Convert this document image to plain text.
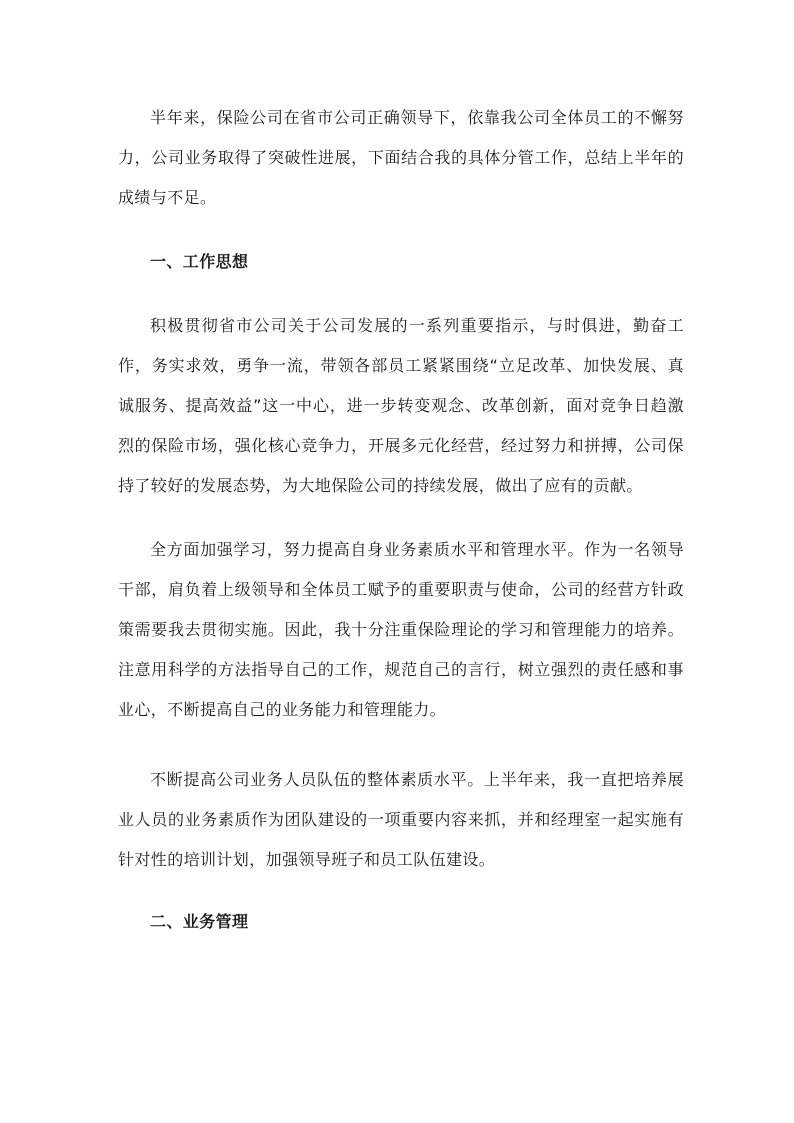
半年来，保险公司在省市公司正确领导下，依靠我公司全体员工的不懈努力，公司业务取得了突破性进展，下面结合我的具体分管工作，总结上半年的成绩与不足。

一、工作思想

积极贯彻省市公司关于公司发展的一系列重要指示，与时俱进，勤奋工作，务实求效，勇争一流，带领各部员工紧紧围绕“立足改革、加快发展、真诚服务、提高效益”这一中心，进一步转变观念、改革创新，面对竞争日趋激烈的保险市场，强化核心竞争力，开展多元化经营，经过努力和拼搏，公司保持了较好的发展态势，为大地保险公司的持续发展，做出了应有的贡献。

全方面加强学习，努力提高自身业务素质水平和管理水平。作为一名领导干部，肩负着上级领导和全体员工赋予的重要职责与使命，公司的经营方针政策需要我去贯彻实施。因此，我十分注重保险理论的学习和管理能力的培养。注意用科学的方法指导自己的工作，规范自己的言行，树立强烈的责任感和事业心，不断提高自己的业务能力和管理能力。

不断提高公司业务人员队伍的整体素质水平。上半年来，我一直把培养展业人员的业务素质作为团队建设的一项重要内容来抓，并和经理室一起实施有针对性的培训计划，加强领导班子和员工队伍建设。

二、业务管理
